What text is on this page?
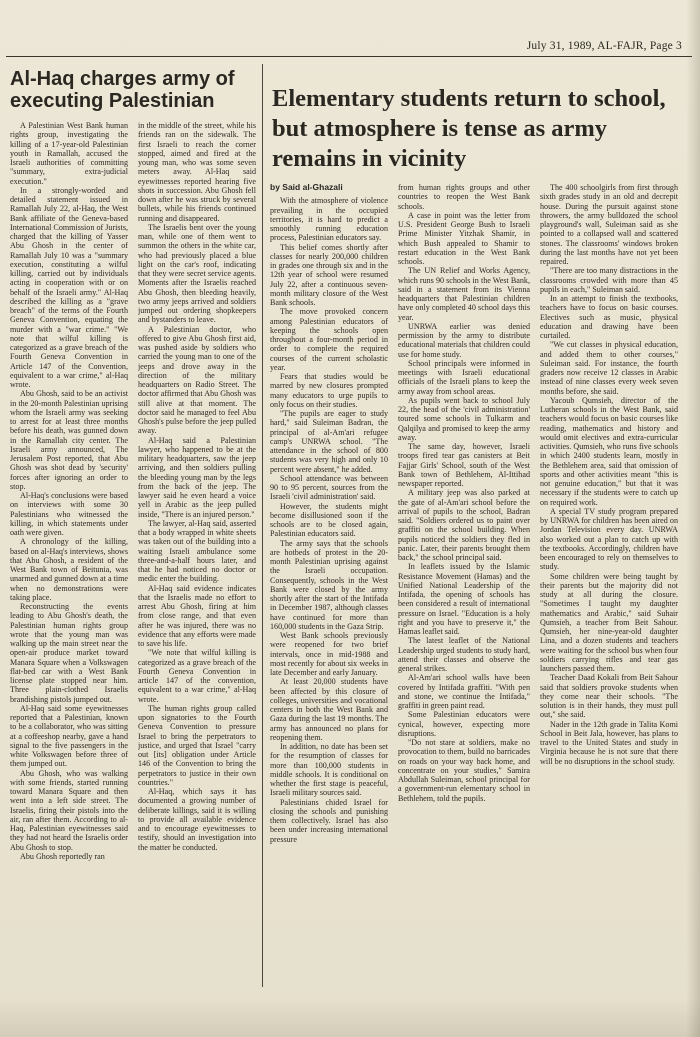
July 31, 1989, AL-FAJR, Page 3
Al-Haq charges army of executing Palestinian

A Palestinian West Bank human rights group, investigating the killing of a 17-year-old Palestinian youth in Ramallah, accused the Israeli authorities of committing "summary, extra-judicial execution."

In a strongly-worded and detailed statement issued in Ramallah July 22, al-Haq, the West Bank affiliate of the Geneva-based International Commission of Jurists, charged that the killing of Yasser Abu Ghosh in the center of Ramallah July 10 was a "summary execution, constituting a wilful killing, carried out by individuals acting in cooperation with or on behalf of the Israeli army." Al-Haq described the killing as a "grave breach" of the terms of the Fourth Geneva Convention, equating the murder with a "war crime." "We note that wilful killing is categorized as a grave breach of the Fourth Geneva Convention in Article 147 of the Convention, equivalent to a war crime," al-Haq wrote.

Abu Ghosh, said to be an activist in the 20-month Palestinian uprising whom the Israeli army was seeking to arrest for at least three months before his death, was gunned down in the Ramallah city center. The Israeli army announced, The Jerusalem Post reported, that Abu Ghosh was shot dead by 'security' forces after ignoring an order to stop.

Al-Haq's conclusions were based on interviews with some 30 Palestinians who witnessed the killing, in which statements under oath were given.

A chronology of the killing, based on al-Haq's interviews, shows that Abu Ghosh, a resident of the West Bank town of Beitunia, was unarmed and gunned down at a time when no demonstrations were taking place.

Reconstructing the events leading to Abu Ghosh's death, the Palestinian human rights group wrote that the young man was walking up the main street near the open-air produce market toward Manara Square when a Volkswagen flat-bed car with a West Bank license plate stopped near him. Three plain-clothed Israelis brandishing pistols jumped out.

Al-Haq said some eyewitnesses reported that a Palestinian, known to be a collaborator, who was sitting at a coffeeshop nearby, gave a hand signal to the five passengers in the white Volkswagen before three of them jumped out.

Abu Ghosh, who was walking with some friends, started running toward Manara Square and then went into a left side street. The Israelis, firing their pistols into the air, ran after them. According to al-Haq, Palestinian eyewitnesses said they had not heard the Israelis order Abu Ghosh to stop.

Abu Ghosh reportedly ran

in the middle of the street, while his friends ran on the sidewalk. The first Israeli to reach the corner stopped, aimed and fired at the young man, who was some seven meters away. Al-Haq said eyewitnesses reported hearing five shots in succession. Abu Ghosh fell down after he was struck by several bullets, while his friends continued running and disappeared.

The Israelis bent over the young man, while one of them went to summon the others in the white car, who had previously placed a blue light on the car's roof, indicating that they were secret service agents. Moments after the Israelis reached Abu Ghosh, then bleeding heavily, two army jeeps arrived and soldiers jumped out ordering shopkeepers and bystanders to leave.

A Palestinian doctor, who offered to give Abu Ghosh first aid, was pushed aside by soldiers who carried the young man to one of the jeeps and drove away in the direction of the military headquarters on Radio Street. The doctor affirmed that Abu Ghosh was still alive at that moment. The doctor said he managed to feel Abu Ghosh's pulse before the jeep pulled away.

Al-Haq said a Palestinian lawyer, who happened to be at the military headquarters, saw the jeep arriving, and then soldiers pulling the bleeding young man by the legs from the back of the jeep. The lawyer said he even heard a voice yell in Arabic as the jeep pulled inside, "There is an injured person."

The lawyer, al-Haq said, asserted that a body wrapped in white sheets was taken out of the building into a waiting Israeli ambulance some three-and-a-half hours later, and that he had noticed no doctor or medic enter the building.

Al-Haq said evidence indicates that the Israelis made no effort to arrest Abu Ghosh, firing at him from close range, and that even after he was injured, there was no evidence that any efforts were made to save his life.

"We note that wilful killing is categorized as a grave breach of the Fourth Geneva Convention in article 147 of the convention, equivalent to a war crime," al-Haq wrote.

The human rights group called upon signatories to the Fourth Geneva Convention to pressure Israel to bring the perpetrators to justice, and urged that Israel "carry out [its] obligation under Article 146 of the Convention to bring the perpetrators to justice in their own countries."

Al-Haq, which says it has documented a growing number of deliberate killings, said it is willing to provide all available evidence and to encourage eyewitnesses to testify, should an investigation into the matter be conducted.

Elementary students return to school, but atmosphere is tense as army remains in vicinity

by Said al-Ghazali

With the atmosphere of violence prevailing in the occupied territories, it is hard to predict a smoothly running education process, Palestinian educators say.

This belief comes shortly after classes for nearly 200,000 children in grades one through six and in the 12th year of school were resumed July 22, after a continuous seven-month military closure of the West Bank schools.

The move provoked concern among Palestinian educators of keeping the schools open throughout a four-month period in order to complete the required courses of the current scholastic year.

Fears that studies would be marred by new closures prompted many educators to urge pupils to only focus on their studies.

"The pupils are eager to study hard," said Suleiman Badran, the principal of al-Am'ari refugee camp's UNRWA school. "The attendance in the school of 800 students was very high and only 10 percent were absent," he added.

School attendance was between 90 to 95 percent, sources from the Israeli 'civil administration' said.

However, the students might become disillusioned soon if the schools are to be closed again, Palestinian educators said.

The army says that the schools are hotbeds of protest in the 20-month Palestinian uprising against the Israeli occupation. Consequently, schools in the West Bank were closed by the army shortly after the start of the Intifada in December 1987, although classes have continued for more than 160,000 students in the Gaza Strip.

West Bank schools previously were reopened for two brief intervals, once in mid-1988 and most recently for about six weeks in late December and early January.

At least 20,000 students have been affected by this closure of colleges, universities and vocational centers in both the West Bank and Gaza during the last 19 months. The army has announced no plans for reopening them.

In addition, no date has been set for the resumption of classes for more than 100,000 students in middle schools. It is conditional on whether the first stage is peaceful, Israeli military sources said.

Palestinians chided Israel for closing the schools and punishing them collectively. Israel has also been under increasing international pressure

from human rights groups and other countries to reopen the West Bank schools.

A case in point was the letter from U.S. President George Bush to Israeli Prime Minister Yitzhak Shamir, in which Bush appealed to Shamir to restart education in the West Bank schools.

The UN Relief and Works Agency, which runs 90 schools in the West Bank, said in a statement from its Vienna headquarters that Palestinian children have only completed 40 school days this year.

UNRWA earlier was denied permission by the army to distribute educational materials that children could use for home study.

School principals were informed in meetings with Israeli educational officials of the Israeli plans to keep the army away from school areas.

As pupils went back to school July 22, the head of the 'civil administration' toured some schools in Tulkarm and Qalqilya and promised to keep the army away.

The same day, however, Israeli troops fired tear gas canisters at Beit Fajjar Girls' School, south of the West Bank town of Bethlehem, Al-Ittihad newspaper reported.

A military jeep was also parked at the gate of al-Am'ari school before the arrival of pupils to the school, Badran said. "Soldiers ordered us to paint over graffiti on the school building. When pupils noticed the soldiers they fled in panic. Later, their parents brought them back," the school principal said.

In leaflets issued by the Islamic Resistance Movement (Hamas) and the Unified National Leadership of the Intifada, the opening of schools has been considered a result of international pressure on Israel. "Education is a holy right and you have to preserve it," the Hamas leaflet said.

The latest leaflet of the National Leadership urged students to study hard, attend their classes and observe the general strikes.

Al-Am'ari school walls have been covered by Intifada graffiti. "With pen and stone, we continue the Intifada," graffiti in green paint read.

Some Palestinian educators were cynical, however, expecting more disruptions.

"Do not stare at soldiers, make no provocation to them, build no barricades on roads on your way back home, and concentrate on your studies," Samira Abdullah Suleiman, school principal for a government-run elementary school in Bethlehem, told the pupils.

The 400 schoolgirls from first through sixth grades study in an old and decrepit house. During the pursuit against stone throwers, the army bulldozed the school playground's wall, Suleiman said as she pointed to a collapsed wall and scattered stones. The classrooms' windows broken during the last months have not yet been repaired.

"There are too many distractions in the classrooms crowded with more than 45 pupils in each," Suleiman said.

In an attempt to finish the textbooks, teachers have to focus on basic courses. Electives such as music, physical education and drawing have been curtailed.

"We cut classes in physical education, and added them to other courses," Suleiman said. For instance, the fourth graders now receive 12 classes in Arabic instead of nine classes every week seven months before, she said.

Yacoub Qumsieh, director of the Lutheran schools in the West Bank, said teachers would focus on basic courses like reading, mathematics and history and would omit electives and extra-curricular activities. Qumsieh, who runs five schools in which 2400 students learn, mostly in the Bethlehem area, said that omission of sports and other activities meant "this is not genuine education," but that it was necessary if the students were to catch up on required work.

A special TV study program prepared by UNRWA for children has been aired on Jordan Television every day. UNRWA also worked out a plan to catch up with the textbooks. Accordingly, children have been encouraged to rely on themselves to study.

Some children were being taught by their parents but the majority did not study at all during the closure. "Sometimes I taught my daughter mathematics and Arabic," said Suhair Qumsieh, a teacher from Beit Sahour. Qumsieh, her nine-year-old daughter Lina, and a dozen students and teachers were waiting for the school bus when four soldiers carrying rifles and tear gas launchers passed them.

Teacher Daad Kokali from Beit Sahour said that soldiers provoke students when they come near their schools. "The solution is in their hands, they must pull out," she said.

Nader in the 12th grade in Talita Komi School in Beit Jala, however, has plans to travel to the United States and study in Virginia because he is not sure that there will be no disruptions in the school study.
